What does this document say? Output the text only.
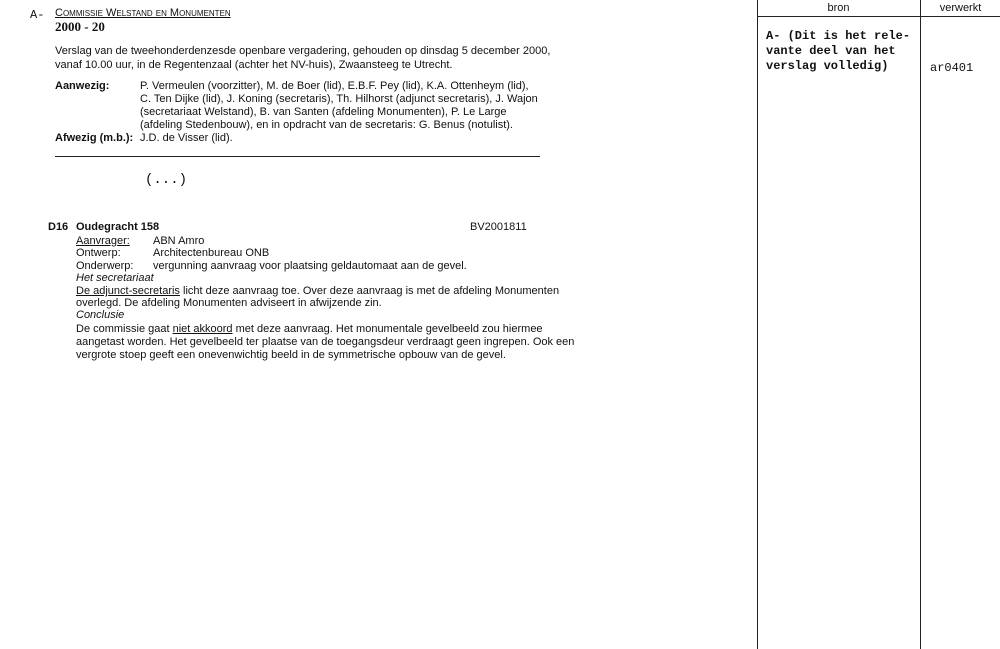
A- Commissie Welstand en Monumenten
2000 - 20
Verslag van de tweehonderdenzesde openbare vergadering, gehouden op dinsdag 5 december 2000,
vanaf 10.00 uur, in de Regentenzaal (achter het NV-huis), Zwaansteeg te Utrecht.
Aanwezig:	P. Vermeulen (voorzitter), M. de Boer (lid), E.B.F. Pey (lid), K.A. Ottenheym (lid),
C. Ten Dijke (lid), J. Koning (secretaris), Th. Hilhorst (adjunct secretaris), J. Wajon
(secretariaat Welstand), B. van Santen (afdeling Monumenten), P. Le Large
(afdeling Stedenbouw), en in opdracht van de secretaris: G. Benus (notulist).
Afwezig (m.b.): J.D. de Visser (lid).
(...)
D16 Oudegracht 158	BV2001811
Aanvrager: ABN Amro
Ontwerp:	Architectenbureau ONB
Onderwerp: vergunning aanvraag voor plaatsing geldautomaat aan de gevel.
Het secretariaat
De adjunct-secretaris licht deze aanvraag toe. Over deze aanvraag is met de afdeling Monumenten
overlegd. De afdeling Monumenten adviseert in afwijzende zin.
Conclusie
De commissie gaat niet akkoord met deze aanvraag. Het monumentale gevelbeeld zou hiermee
aangetast worden. Het gevelbeeld ter plaatse van de toegangsdeur verdraagt geen ingrepen. Ook een
vergrote stoep geeft een onevenwichtig beeld in de symmetrische opbouw van de gevel.
bron	verwerkt
A- (Dit is het rele-
vante deel van het
verslag volledig)	ar0401
